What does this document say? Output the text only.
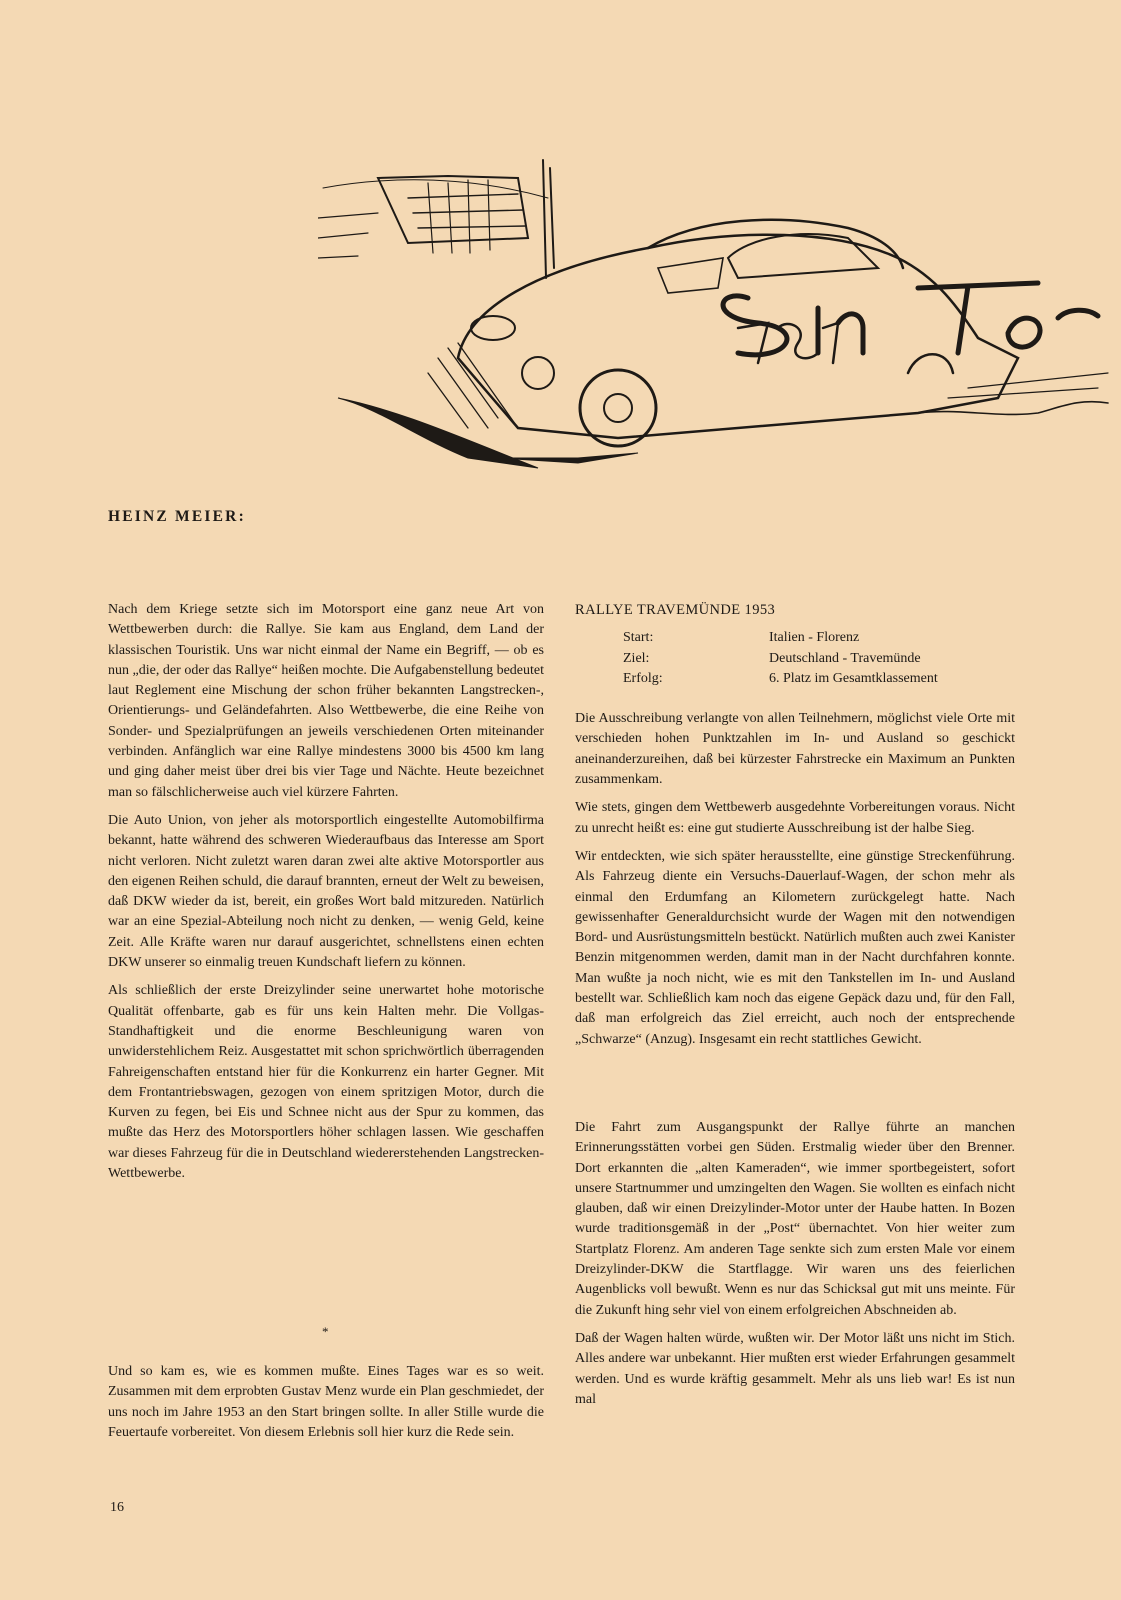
HEINZ MEIER:

Nach dem Kriege setzte sich im Motorsport eine ganz neue Art von Wettbewerben durch: die Rallye. Sie kam aus England, dem Land der klassischen Touristik. Uns war nicht einmal der Name ein Begriff, — ob es nun „die, der oder das Rallye“ heißen mochte. Die Aufgabenstellung bedeutet laut Reglement eine Mischung der schon früher bekannten Langstrecken-, Orientierungs- und Geländefahrten. Also Wettbewerbe, die eine Reihe von Sonder- und Spezialprüfungen an jeweils verschiedenen Orten miteinander verbinden. Anfänglich war eine Rallye mindestens 3000 bis 4500 km lang und ging daher meist über drei bis vier Tage und Nächte. Heute bezeichnet man so fälschlicherweise auch viel kürzere Fahrten.

Die Auto Union, von jeher als motorsportlich eingestellte Automobilfirma bekannt, hatte während des schweren Wiederaufbaus das Interesse am Sport nicht verloren. Nicht zuletzt waren daran zwei alte aktive Motorsportler aus den eigenen Reihen schuld, die darauf brannten, erneut der Welt zu beweisen, daß DKW wieder da ist, bereit, ein großes Wort bald mitzureden. Natürlich war an eine Spezial-Abteilung noch nicht zu denken, — wenig Geld, keine Zeit. Alle Kräfte waren nur darauf ausgerichtet, schnellstens einen echten DKW unserer so einmalig treuen Kundschaft liefern zu können.

Als schließlich der erste Dreizylinder seine unerwartet hohe motorische Qualität offenbarte, gab es für uns kein Halten mehr. Die Vollgas-Standhaftigkeit und die enorme Beschleunigung waren von unwiderstehlichem Reiz. Ausgestattet mit schon sprichwörtlich überragenden Fahreigenschaften entstand hier für die Konkurrenz ein harter Gegner. Mit dem Frontantriebswagen, gezogen von einem spritzigen Motor, durch die Kurven zu fegen, bei Eis und Schnee nicht aus der Spur zu kommen, das mußte das Herz des Motorsportlers höher schlagen lassen. Wie geschaffen war dieses Fahrzeug für die in Deutschland wiedererstehenden Langstrecken-Wettbewerbe.

*

Und so kam es, wie es kommen mußte. Eines Tages war es so weit. Zusammen mit dem erprobten Gustav Menz wurde ein Plan geschmiedet, der uns noch im Jahre 1953 an den Start bringen sollte. In aller Stille wurde die Feuertaufe vorbereitet. Von diesem Erlebnis soll hier kurz die Rede sein.

RALLYE TRAVEMÜNDE 1953
Start:	Italien - Florenz
Ziel:	Deutschland - Travemünde
Erfolg:	6. Platz im Gesamtklassement

Die Ausschreibung verlangte von allen Teilnehmern, möglichst viele Orte mit verschieden hohen Punktzahlen im In- und Ausland so geschickt aneinanderzureihen, daß bei kürzester Fahrstrecke ein Maximum an Punkten zusammenkam.

Wie stets, gingen dem Wettbewerb ausgedehnte Vorbereitungen voraus. Nicht zu unrecht heißt es: eine gut studierte Ausschreibung ist der halbe Sieg.

Wir entdeckten, wie sich später herausstellte, eine günstige Streckenführung. Als Fahrzeug diente ein Versuchs-Dauerlauf-Wagen, der schon mehr als einmal den Erdumfang an Kilometern zurückgelegt hatte. Nach gewissenhafter Generaldurchsicht wurde der Wagen mit den notwendigen Bord- und Ausrüstungsmitteln bestückt. Natürlich mußten auch zwei Kanister Benzin mitgenommen werden, damit man in der Nacht durchfahren konnte. Man wußte ja noch nicht, wie es mit den Tankstellen im In- und Ausland bestellt war. Schließlich kam noch das eigene Gepäck dazu und, für den Fall, daß man erfolgreich das Ziel erreicht, auch noch der entsprechende „Schwarze“ (Anzug). Insgesamt ein recht stattliches Gewicht.

Die Fahrt zum Ausgangspunkt der Rallye führte an manchen Erinnerungsstätten vorbei gen Süden. Erstmalig wieder über den Brenner. Dort erkannten die „alten Kameraden“, wie immer sportbegeistert, sofort unsere Startnummer und umzingelten den Wagen. Sie wollten es einfach nicht glauben, daß wir einen Dreizylinder-Motor unter der Haube hatten. In Bozen wurde traditionsgemäß in der „Post“ übernachtet. Von hier weiter zum Startplatz Florenz. Am anderen Tage senkte sich zum ersten Male vor einem Dreizylinder-DKW die Startflagge. Wir waren uns des feierlichen Augenblicks voll bewußt. Wenn es nur das Schicksal gut mit uns meinte. Für die Zukunft hing sehr viel von einem erfolgreichen Abschneiden ab.

Daß der Wagen halten würde, wußten wir. Der Motor läßt uns nicht im Stich. Alles andere war unbekannt. Hier mußten erst wieder Erfahrungen gesammelt werden. Und es wurde kräftig gesammelt. Mehr als uns lieb war! Es ist nun mal

16
